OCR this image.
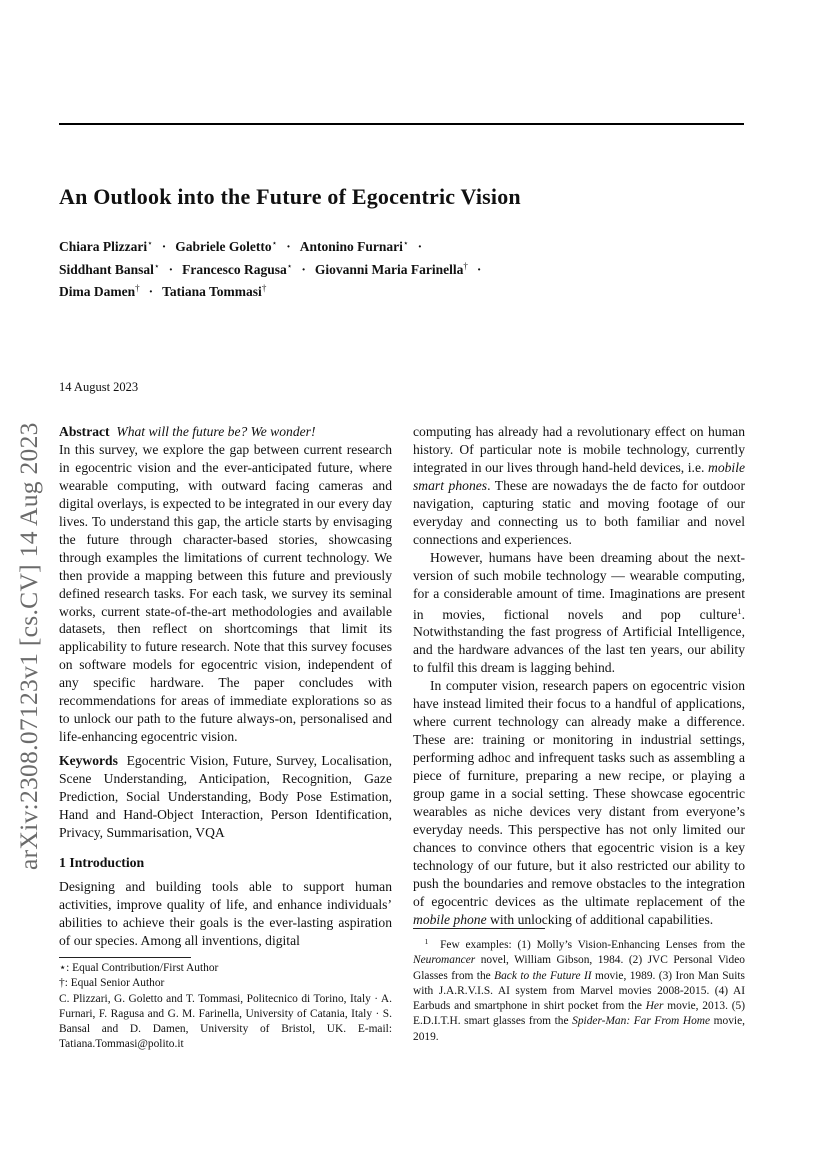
arXiv:2308.07123v1 [cs.CV] 14 Aug 2023
An Outlook into the Future of Egocentric Vision
Chiara Plizzari⋆ · Gabriele Goletto⋆ · Antonino Furnari⋆ ·
Siddhant Bansal⋆ · Francesco Ragusa⋆ · Giovanni Maria Farinella† ·
Dima Damen† · Tatiana Tommasi†
14 August 2023

Abstract What will the future be? We wonder!
In this survey, we explore the gap between current research in egocentric vision and the ever-anticipated future, where wearable computing, with outward facing cameras and digital overlays, is expected to be integrated in our every day lives. To understand this gap, the article starts by envisaging the future through character-based stories, showcasing through examples the limitations of current technology. We then provide a mapping between this future and previously defined research tasks. For each task, we survey its seminal works, current state-of-the-art methodologies and available datasets, then reflect on shortcomings that limit its applicability to future research. Note that this survey focuses on software models for egocentric vision, independent of any specific hardware. The paper concludes with recommendations for areas of immediate explorations so as to unlock our path to the future always-on, personalised and life-enhancing egocentric vision.

Keywords Egocentric Vision, Future, Survey, Localisation, Scene Understanding, Anticipation, Recognition, Gaze Prediction, Social Understanding, Body Pose Estimation, Hand and Hand-Object Interaction, Person Identification, Privacy, Summarisation, VQA

1 Introduction

Designing and building tools able to support human activities, improve quality of life, and enhance individuals’ abilities to achieve their goals is the ever-lasting aspiration of our species. Among all inventions, digital

⋆: Equal Contribution/First Author

†: Equal Senior Author

C. Plizzari, G. Goletto and T. Tommasi, Politecnico di Torino, Italy · A. Furnari, F. Ragusa and G. M. Farinella, University of Catania, Italy · S. Bansal and D. Damen, University of Bristol, UK. E-mail: Tatiana.Tommasi@polito.it

computing has already had a revolutionary effect on human history. Of particular note is mobile technology, currently integrated in our lives through hand-held devices, i.e. mobile smart phones. These are nowadays the de facto for outdoor navigation, capturing static and moving footage of our everyday and connecting us to both familiar and novel connections and experiences.

However, humans have been dreaming about the next-version of such mobile technology — wearable computing, for a considerable amount of time. Imaginations are present in movies, fictional novels and pop culture$^1$. Notwithstanding the fast progress of Artificial Intelligence, and the hardware advances of the last ten years, our ability to fulfil this dream is lagging behind.

In computer vision, research papers on egocentric vision have instead limited their focus to a handful of applications, where current technology can already make a difference. These are: training or monitoring in industrial settings, performing adhoc and infrequent tasks such as assembling a piece of furniture, preparing a new recipe, or playing a group game in a social setting. These showcase egocentric wearables as niche devices very distant from everyone’s everyday needs. This perspective has not only limited our chances to convince others that egocentric vision is a key technology of our future, but it also restricted our ability to push the boundaries and remove obstacles to the integration of egocentric devices as the ultimate replacement of the mobile phone with unlocking of additional capabilities.

$^1$ Few examples: (1) Molly’s Vision-Enhancing Lenses from the Neuromancer novel, William Gibson, 1984. (2) JVC Personal Video Glasses from the Back to the Future II movie, 1989. (3) Iron Man Suits with J.A.R.V.I.S. AI system from Marvel movies 2008-2015. (4) AI Earbuds and smartphone in shirt pocket from the Her movie, 2013. (5) E.D.I.T.H. smart glasses from the Spider-Man: Far From Home movie, 2019.
